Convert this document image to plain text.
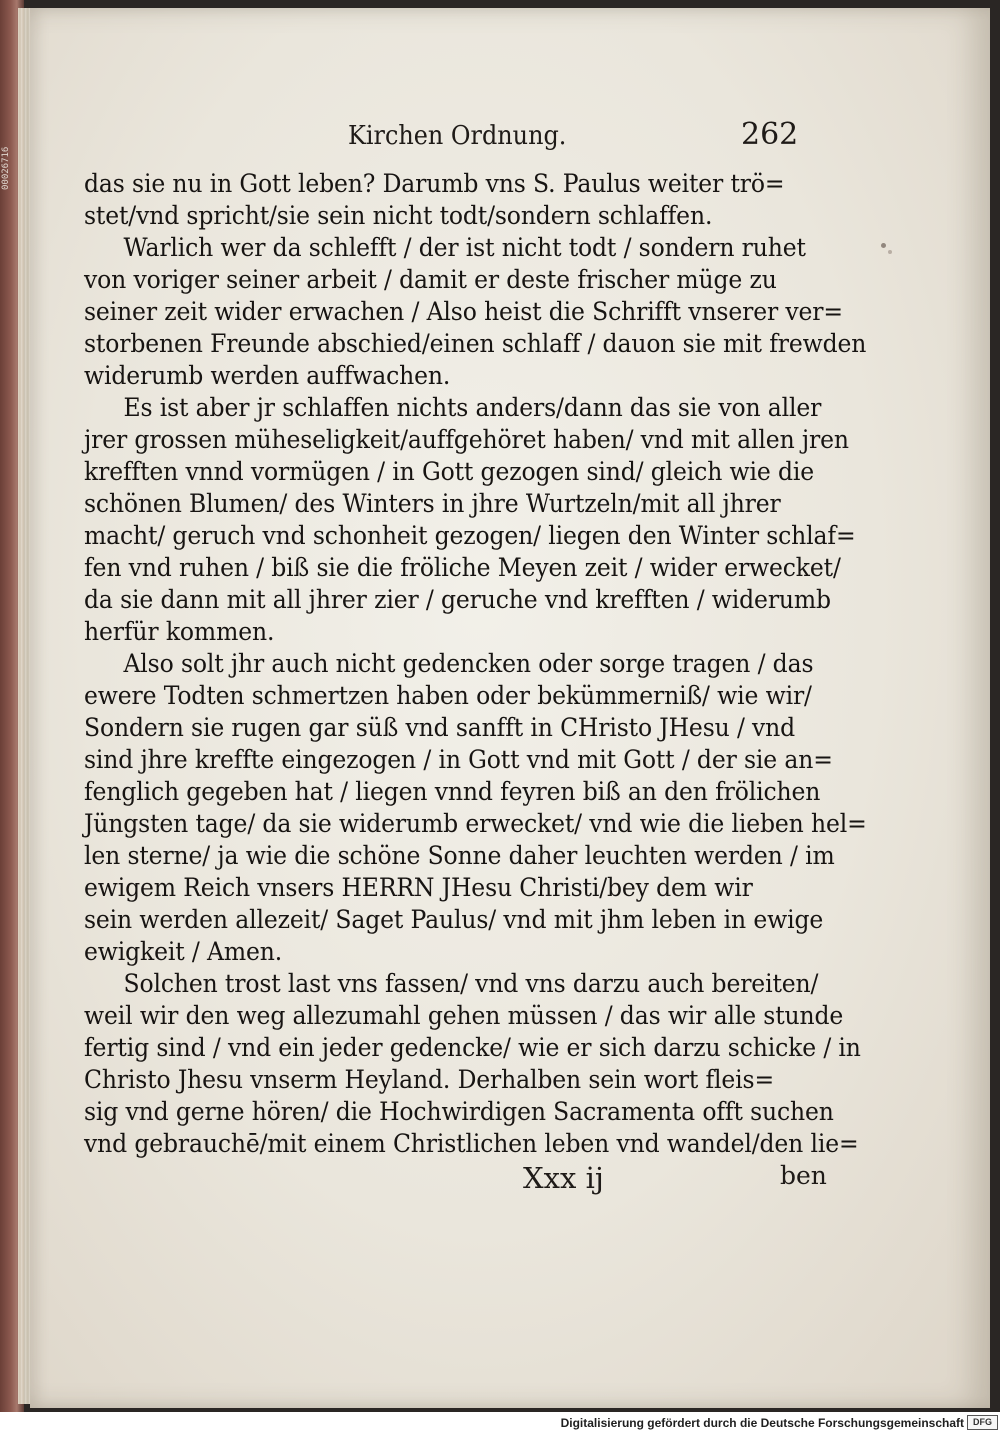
00026716
Kirchen Ordnung.	262
das sie nu in Gott leben? Darumb vns S. Paulus weiter trö=
stet/vnd spricht/sie sein nicht todt/sondern schlaffen.
Warlich wer da schlefft / der ist nicht todt / sondern ruhet
von voriger seiner arbeit / damit er deste frischer müge zu
seiner zeit wider erwachen / Also heist die Schrifft vnserer ver=
storbenen Freunde abschied/einen schlaff / dauon sie mit frewden
widerumb werden auffwachen.
Es ist aber jr schlaffen nichts anders/dann das sie von aller
jrer grossen müheseligkeit/auffgehöret haben/ vnd mit allen jren
krefften vnnd vormügen / in Gott gezogen sind/ gleich wie die
schönen Blumen/ des Winters in jhre Wurtzeln/mit all jhrer
macht/ geruch vnd schonheit gezogen/ liegen den Winter schlaf=
fen vnd ruhen / biß sie die fröliche Meyen zeit / wider erwecket/
da sie dann mit all jhrer zier / geruche vnd krefften / widerumb
herfür kommen.
Also solt jhr auch nicht gedencken oder sorge tragen / das
ewere Todten schmertzen haben oder bekümmerniß/ wie wir/
Sondern sie rugen gar süß vnd sanfft in CHristo JHesu / vnd
sind jhre kreffte eingezogen / in Gott vnd mit Gott / der sie an=
fenglich gegeben hat / liegen vnnd feyren biß an den frölichen
Jüngsten tage/ da sie widerumb erwecket/ vnd wie die lieben hel=
len sterne/ ja wie die schöne Sonne daher leuchten werden / im
ewigem Reich vnsers HERRN JHesu Christi/bey dem wir
sein werden allezeit/ Saget Paulus/ vnd mit jhm leben in ewige
ewigkeit / Amen.
Solchen trost last vns fassen/ vnd vns darzu auch bereiten/
weil wir den weg allezumahl gehen müssen / das wir alle stunde
fertig sind / vnd ein jeder gedencke/ wie er sich darzu schicke / in
Christo Jhesu vnserm Heyland. Derhalben sein wort fleis=
sig vnd gerne hören/ die Hochwirdigen Sacramenta offt suchen
vnd gebrauchē/mit einem Christlichen leben vnd wandel/den lie=
Xxx ij	ben
Digitalisierung gefördert durch die Deutsche Forschungsgemeinschaft	DFG
